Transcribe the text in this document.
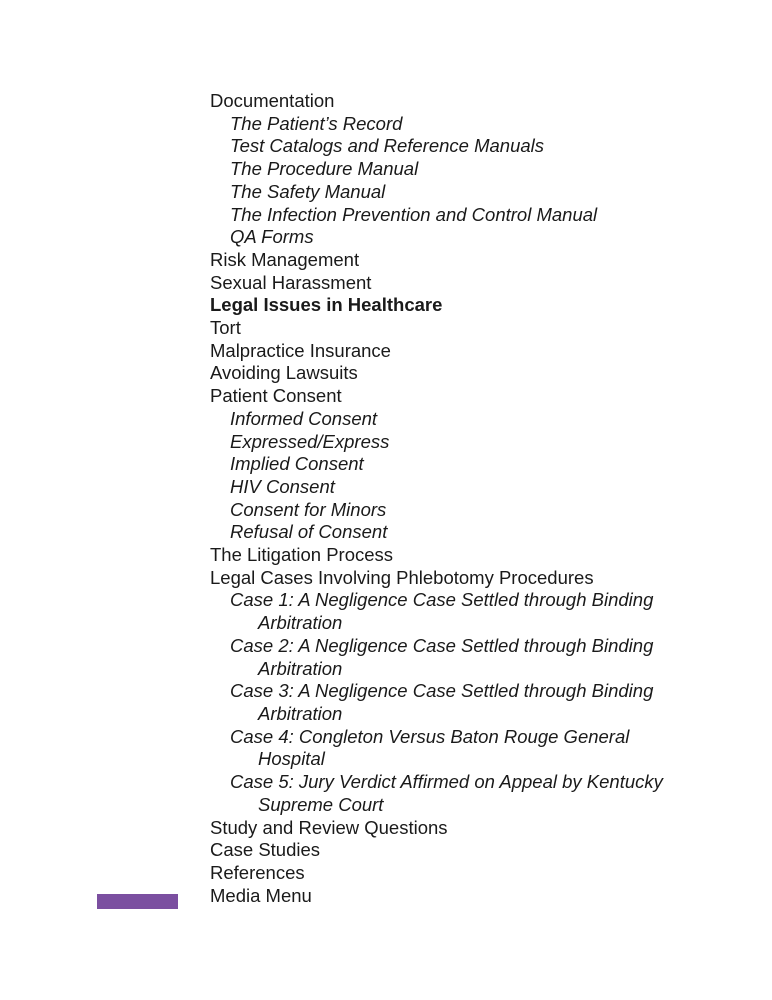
Documentation
The Patient’s Record
Test Catalogs and Reference Manuals
The Procedure Manual
The Safety Manual
The Infection Prevention and Control Manual
QA Forms
Risk Management
Sexual Harassment
Legal Issues in Healthcare
Tort
Malpractice Insurance
Avoiding Lawsuits
Patient Consent
Informed Consent
Expressed/Express
Implied Consent
HIV Consent
Consent for Minors
Refusal of Consent
The Litigation Process
Legal Cases Involving Phlebotomy Procedures
Case 1: A Negligence Case Settled through Binding Arbitration
Case 2: A Negligence Case Settled through Binding Arbitration
Case 3: A Negligence Case Settled through Binding Arbitration
Case 4: Congleton Versus Baton Rouge General Hospital
Case 5: Jury Verdict Affirmed on Appeal by Kentucky Supreme Court
Study and Review Questions
Case Studies
References
Media Menu
